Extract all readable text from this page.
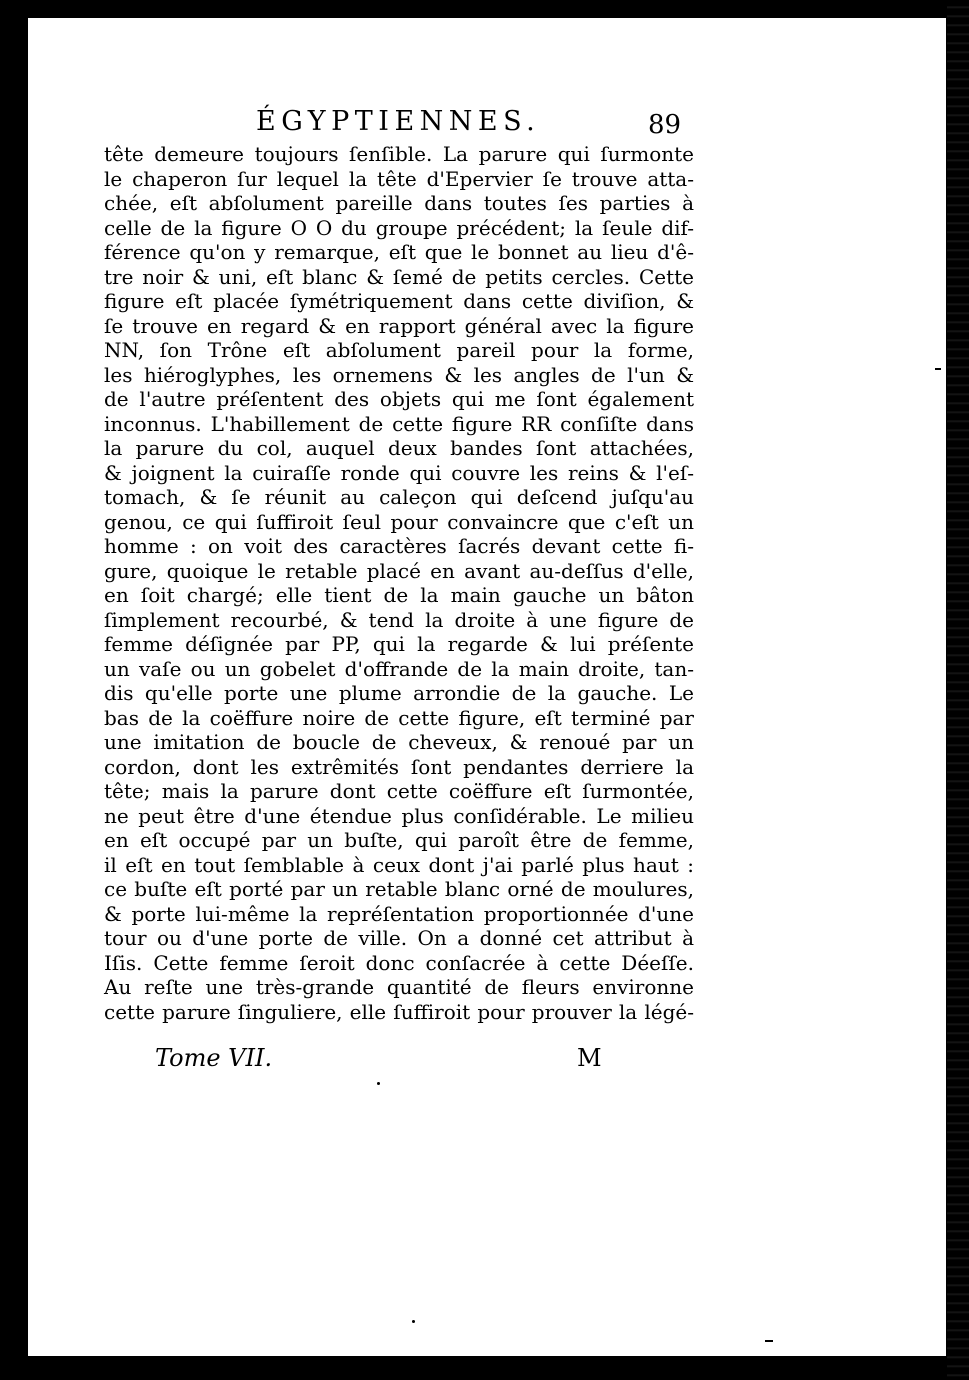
ÉGYPTIENNES.	89
tête demeure toujours ſenſible. La parure qui ſurmonte
le chaperon ſur lequel la tête d'Epervier ſe trouve atta-
chée, eſt abſolument pareille dans toutes ſes parties à
celle de la figure O O du groupe précédent; la ſeule dif-
férence qu'on y remarque, eſt que le bonnet au lieu d'ê-
tre noir & uni, eſt blanc & ſemé de petits cercles. Cette
figure eſt placée ſymétriquement dans cette diviſion, &
ſe trouve en regard & en rapport général avec la figure
NN, ſon Trône eſt abſolument pareil pour la forme,
les hiéroglyphes, les ornemens & les angles de l'un &
de l'autre préſentent des objets qui me ſont également
inconnus. L'habillement de cette figure RR conſiſte dans
la parure du col, auquel deux bandes ſont attachées,
& joignent la cuiraſſe ronde qui couvre les reins & l'eſ-
tomach, & ſe réunit au caleçon qui deſcend juſqu'au
genou, ce qui ſuffiroit ſeul pour convaincre que c'eſt un
homme : on voit des caractères ſacrés devant cette fi-
gure, quoique le retable placé en avant au-deſſus d'elle,
en ſoit chargé; elle tient de la main gauche un bâton
ſimplement recourbé, & tend la droite à une figure de
femme déſignée par PP, qui la regarde & lui préſente
un vaſe ou un gobelet d'offrande de la main droite, tan-
dis qu'elle porte une plume arrondie de la gauche. Le
bas de la coëffure noire de cette figure, eſt terminé par
une imitation de boucle de cheveux, & renoué par un
cordon, dont les extrêmités ſont pendantes derriere la
tête; mais la parure dont cette coëffure eſt ſurmontée,
ne peut être d'une étendue plus conſidérable. Le milieu
en eſt occupé par un buſte, qui paroît être de femme,
il eſt en tout ſemblable à ceux dont j'ai parlé plus haut :
ce buſte eſt porté par un retable blanc orné de moulures,
& porte lui-même la repréſentation proportionnée d'une
tour ou d'une porte de ville. On a donné cet attribut à
Iſis. Cette femme ſeroit donc conſacrée à cette Déeſſe.
Au reſte une très-grande quantité de fleurs environne
cette parure ſinguliere, elle ſuffiroit pour prouver la légé-
Tome VII.	M
